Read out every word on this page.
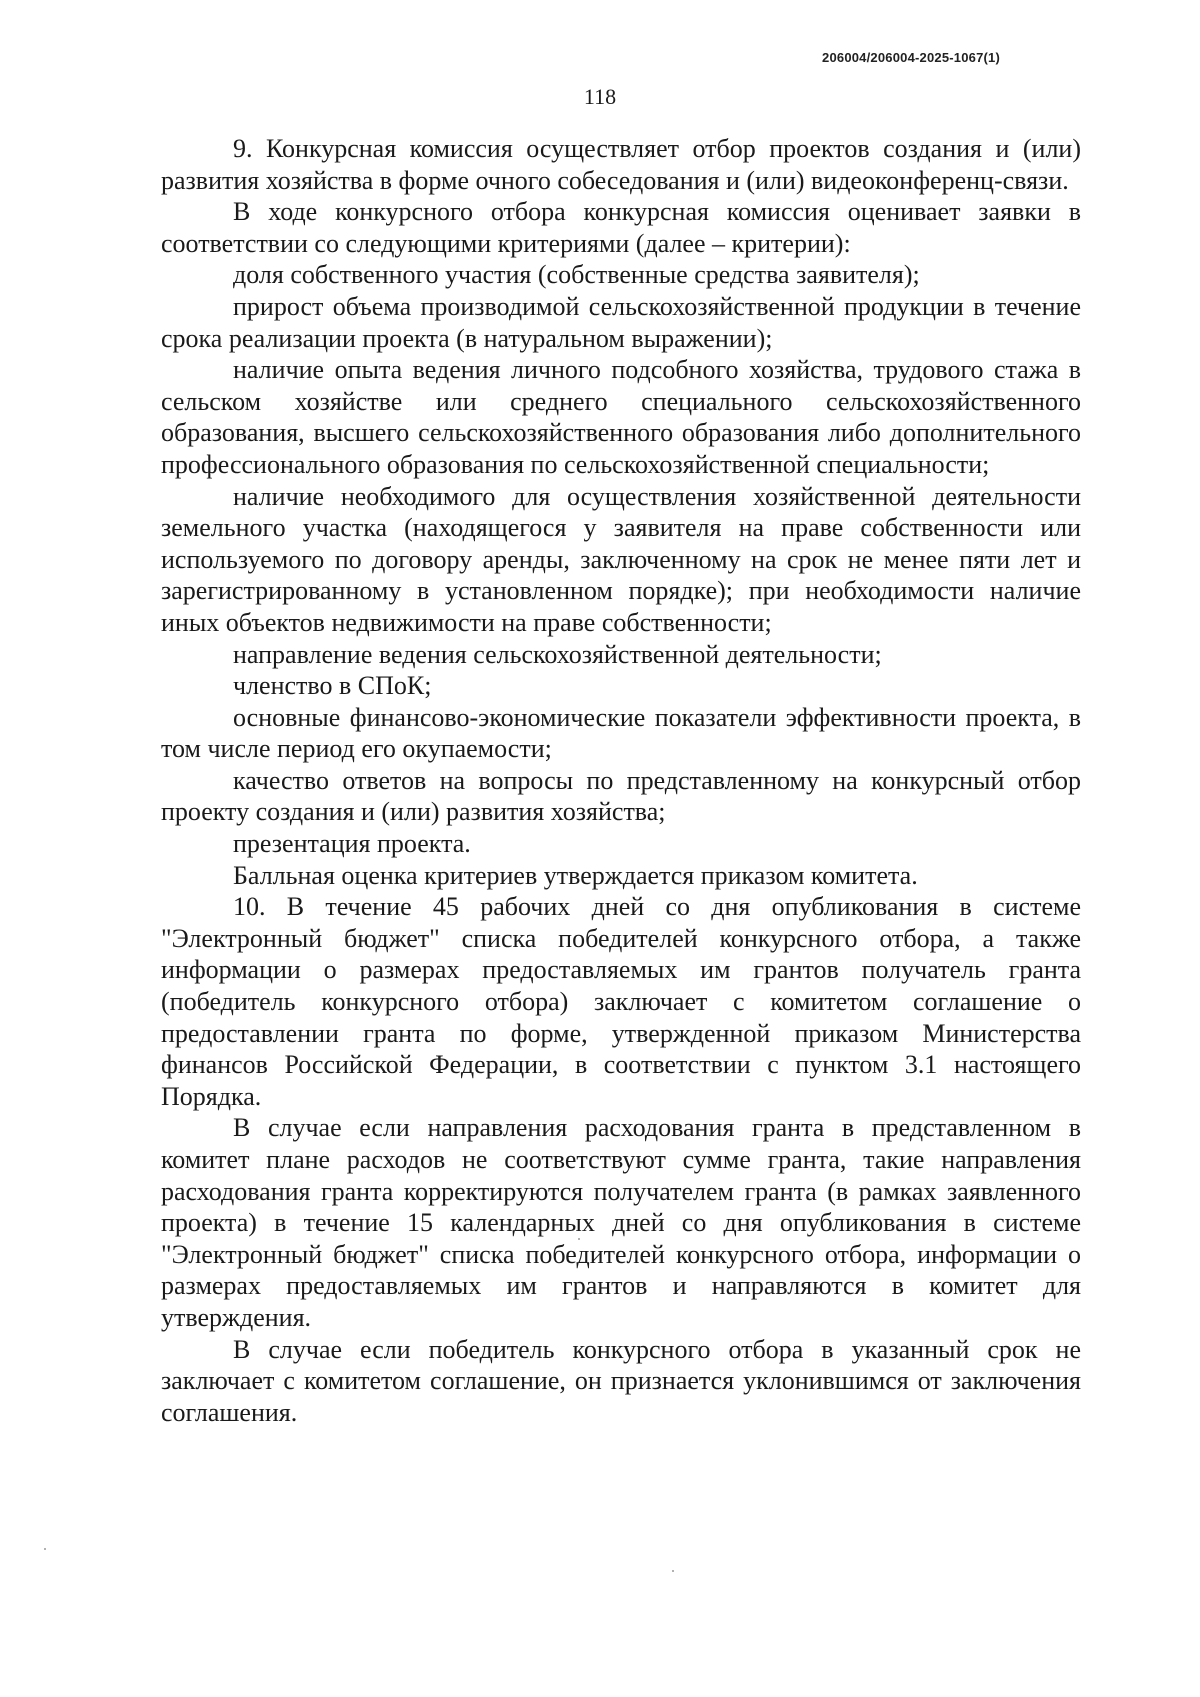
206004/206004-2025-1067(1)
118

9. Конкурсная комиссия осуществляет отбор проектов создания и (или) развития хозяйства в форме очного собеседования и (или) видеоконференц-связи.

В ходе конкурсного отбора конкурсная комиссия оценивает заявки в соответствии со следующими критериями (далее – критерии):

доля собственного участия (собственные средства заявителя);

прирост объема производимой сельскохозяйственной продукции в течение срока реализации проекта (в натуральном выражении);

наличие опыта ведения личного подсобного хозяйства, трудового стажа в сельском хозяйстве или среднего специального сельскохозяйственного образования, высшего сельскохозяйственного образования либо дополнительного профессионального образования по сельскохозяйственной специальности;

наличие необходимого для осуществления хозяйственной деятельности земельного участка (находящегося у заявителя на праве собственности или используемого по договору аренды, заключенному на срок не менее пяти лет и зарегистрированному в установленном порядке); при необходимости наличие иных объектов недвижимости на праве собственности;

направление ведения сельскохозяйственной деятельности;

членство в СПоК;

основные финансово-экономические показатели эффективности проекта, в том числе период его окупаемости;

качество ответов на вопросы по представленному на конкурсный отбор проекту создания и (или) развития хозяйства;

презентация проекта.

Балльная оценка критериев утверждается приказом комитета.

10. В течение 45 рабочих дней со дня опубликования в системе "Электронный бюджет" списка победителей конкурсного отбора, а также информации о размерах предоставляемых им грантов получатель гранта (победитель конкурсного отбора) заключает с комитетом соглашение о предоставлении гранта по форме, утвержденной приказом Министерства финансов Российской Федерации, в соответствии с пунктом 3.1 настоящего Порядка.

В случае если направления расходования гранта в представленном в комитет плане расходов не соответствуют сумме гранта, такие направления расходования гранта корректируются получателем гранта (в рамках заявленного проекта) в течение 15 календарных дней со дня опубликования в системе "Электронный бюджет" списка победителей конкурсного отбора, информации о размерах предоставляемых им грантов и направляются в комитет для утверждения.

В случае если победитель конкурсного отбора в указанный срок не заключает с комитетом соглашение, он признается уклонившимся от заключения соглашения.
